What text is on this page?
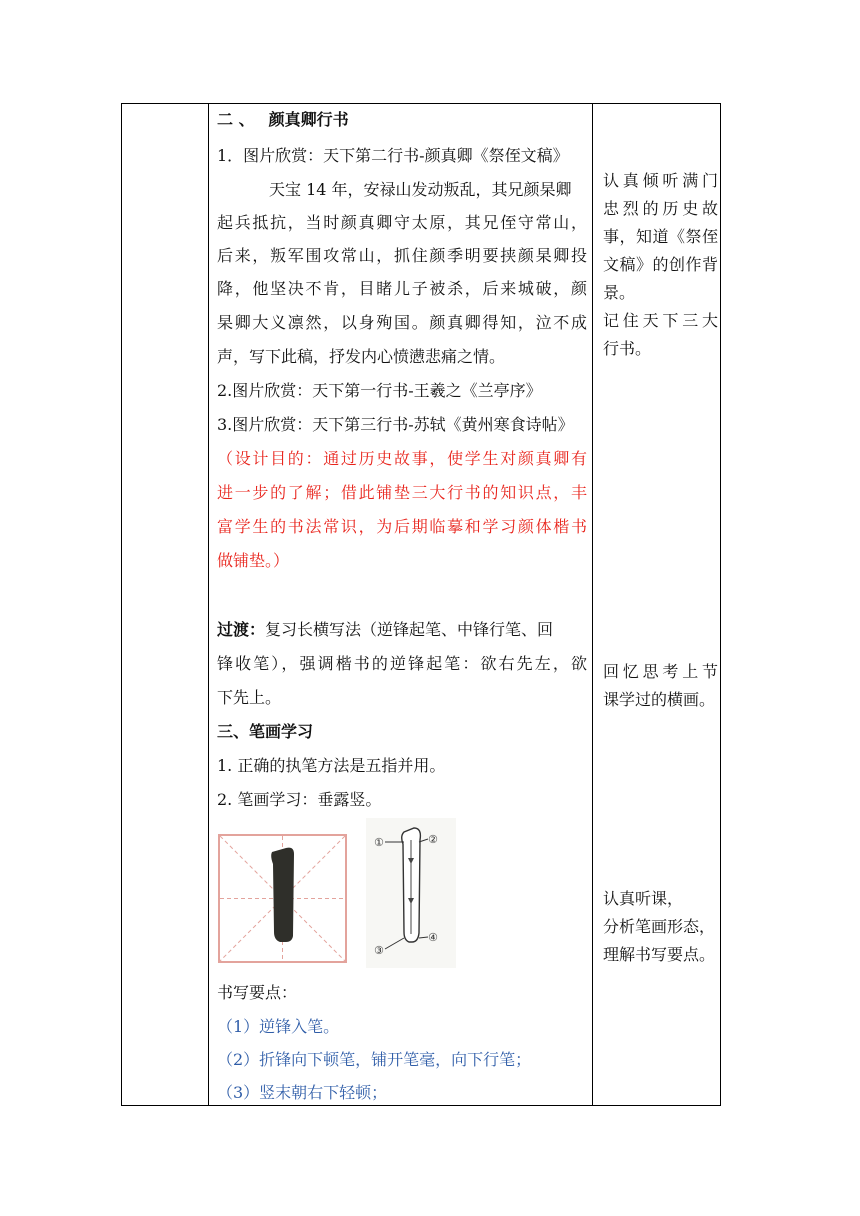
二 、 颜真卿行书
1．图片欣赏：天下第二行书-颜真卿《祭侄文稿》
天宝 14 年，安禄山发动叛乱，其兄颜杲卿
起兵抵抗，当时颜真卿守太原，其兄侄守常山，
后来，叛军围攻常山，抓住颜季明要挟颜杲卿投
降，他坚决不肯，目睹儿子被杀，后来城破，颜
杲卿大义凛然，以身殉国。颜真卿得知，泣不成
声，写下此稿，抒发内心愤懑悲痛之情。
2.图片欣赏：天下第一行书-王羲之《兰亭序》
3.图片欣赏：天下第三行书-苏轼《黄州寒食诗帖》
（设计目的：通过历史故事，使学生对颜真卿有
进一步的了解；借此铺垫三大行书的知识点，丰
富学生的书法常识，为后期临摹和学习颜体楷书
做铺垫。）
过渡：复习长横写法（逆锋起笔、中锋行笔、回
锋收笔），强调楷书的逆锋起笔：欲右先左，欲
下先上。
三、笔画学习
1. 正确的执笔方法是五指并用。
2. 笔画学习：垂露竖。
书写要点：
（1）逆锋入笔。
（2）折锋向下顿笔，铺开笔毫，向下行笔；
（3）竖末朝右下轻顿；
①	②
③
④
认真倾听满门
忠烈的历史故
事，知道《祭侄
文稿》的创作背
景。
记住天下三大
行书。
回忆思考上节
课学过的横画。
认真听课，
分析笔画形态，
理解书写要点。
